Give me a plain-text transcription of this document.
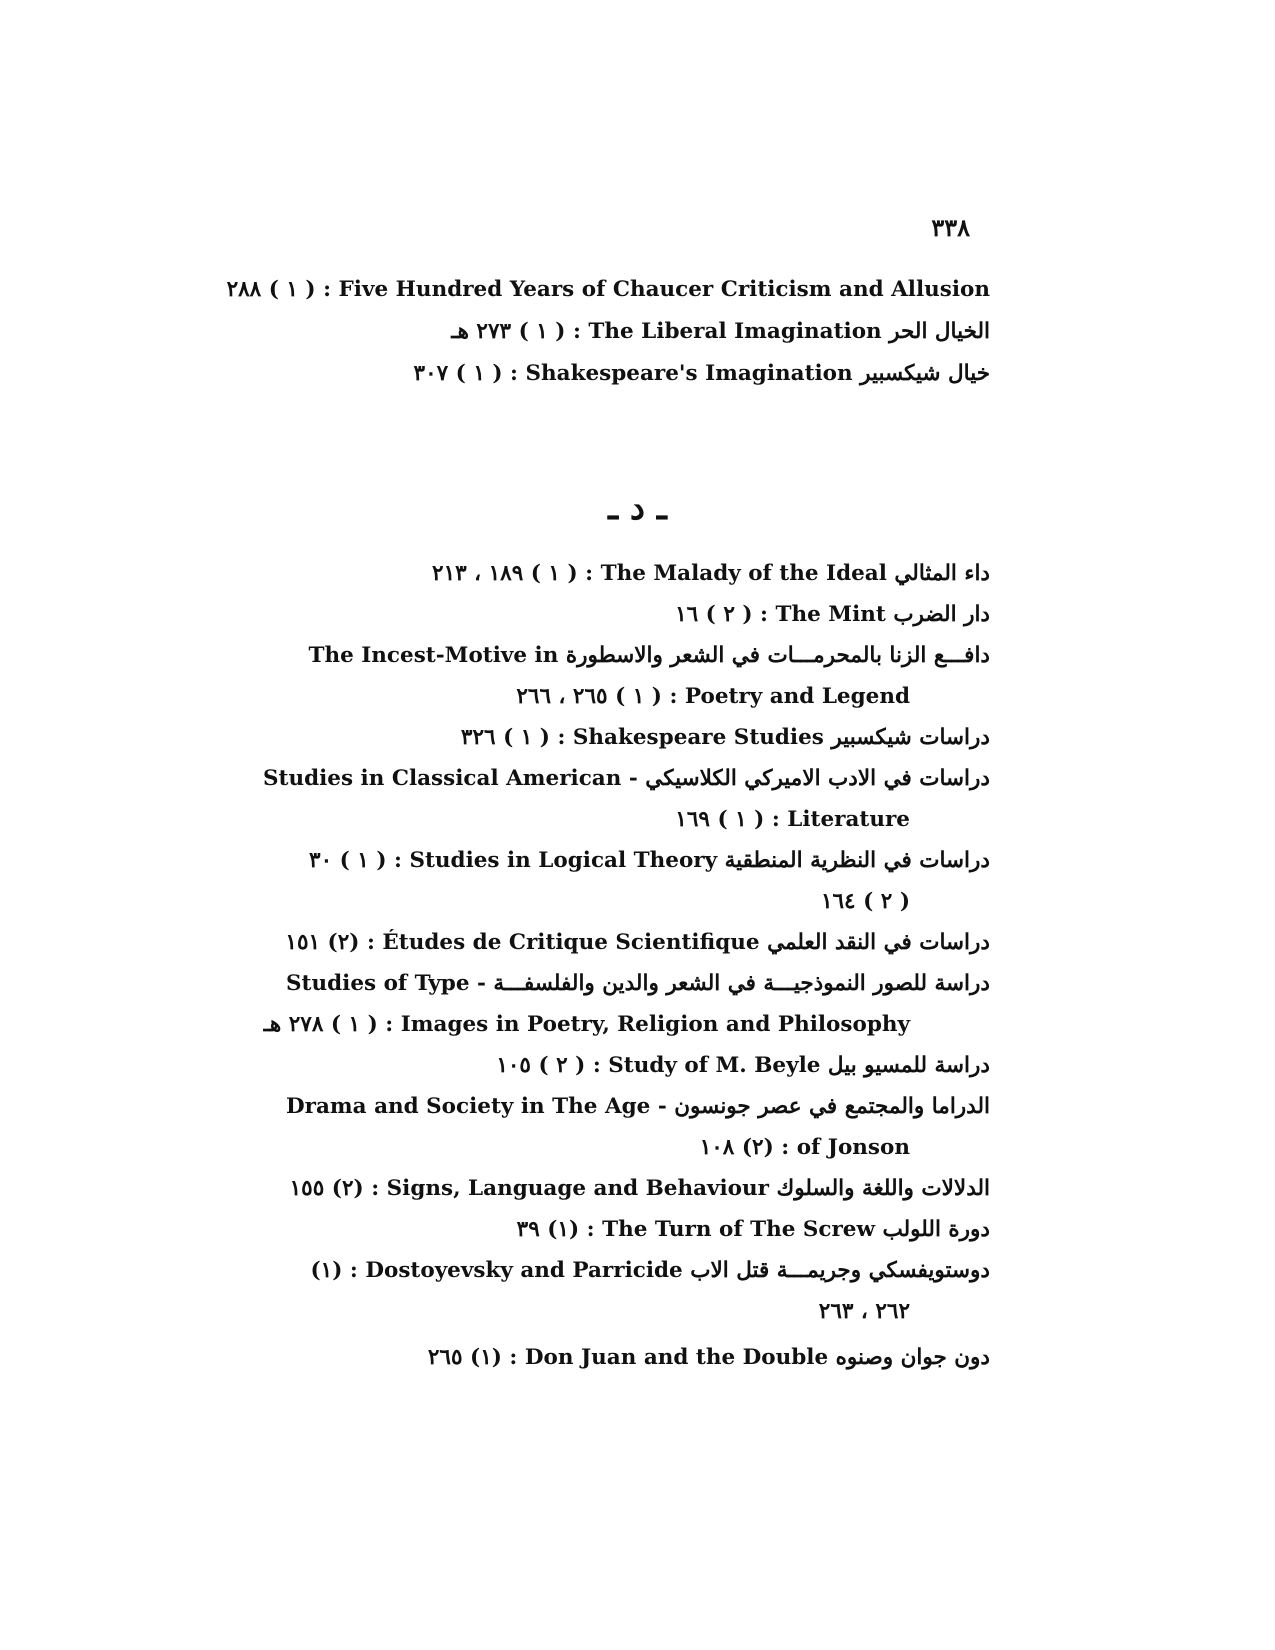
٣٣٨
ـ د ـ
Five Hundred Years of Chaucer Criticism and Allusion : ( ١ ) ٢٨٨
الخيال الحر The Liberal Imagination : ( ١ ) ٢٧٣ هـ
خيال شيكسبير Shakespeare's Imagination : ( ١ ) ٣٠٧
داء المثالي The Malady of the Ideal : ( ١ ) ١٨٩ ، ٢١٣
دار الضرب The Mint : ( ٢ ) ١٦
دافـــع الزنا بالمحرمـــات في الشعر والاسطورة The Incest-Motive in
Poetry and Legend : ( ١ ) ٢٦٥ ، ٢٦٦
دراسات شيكسبير Shakespeare Studies : ( ١ ) ٣٢٦
دراسات في الادب الاميركي الكلاسيكي - Studies in Classical American
Literature : ( ١ ) ١٦٩
دراسات في النظرية المنطقية Studies in Logical Theory : ( ١ ) ٣٠
( ٢ ) ١٦٤
دراسات في النقد العلمي Études de Critique Scientifique : (٢) ١٥١
دراسة للصور النموذجيـــة في الشعر والدين والفلسفـــة - Studies of Type
Images in Poetry, Religion and Philosophy : ( ١ ) ٢٧٨ هـ
دراسة للمسيو بيل Study of M. Beyle : ( ٢ ) ١٠٥
الدراما والمجتمع في عصر جونسون - Drama and Society in The Age
of Jonson : (٢) ١٠٨
الدلالات واللغة والسلوك Signs, Language and Behaviour : (٢) ١٥٥
دورة اللولب The Turn of The Screw : (١) ٣٩
دوستويفسكي وجريمـــة قتل الاب Dostoyevsky and Parricide : (١)
٢٦٢ ، ٢٦٣
دون جوان وصنوه Don Juan and the Double : (١) ٢٦٥
